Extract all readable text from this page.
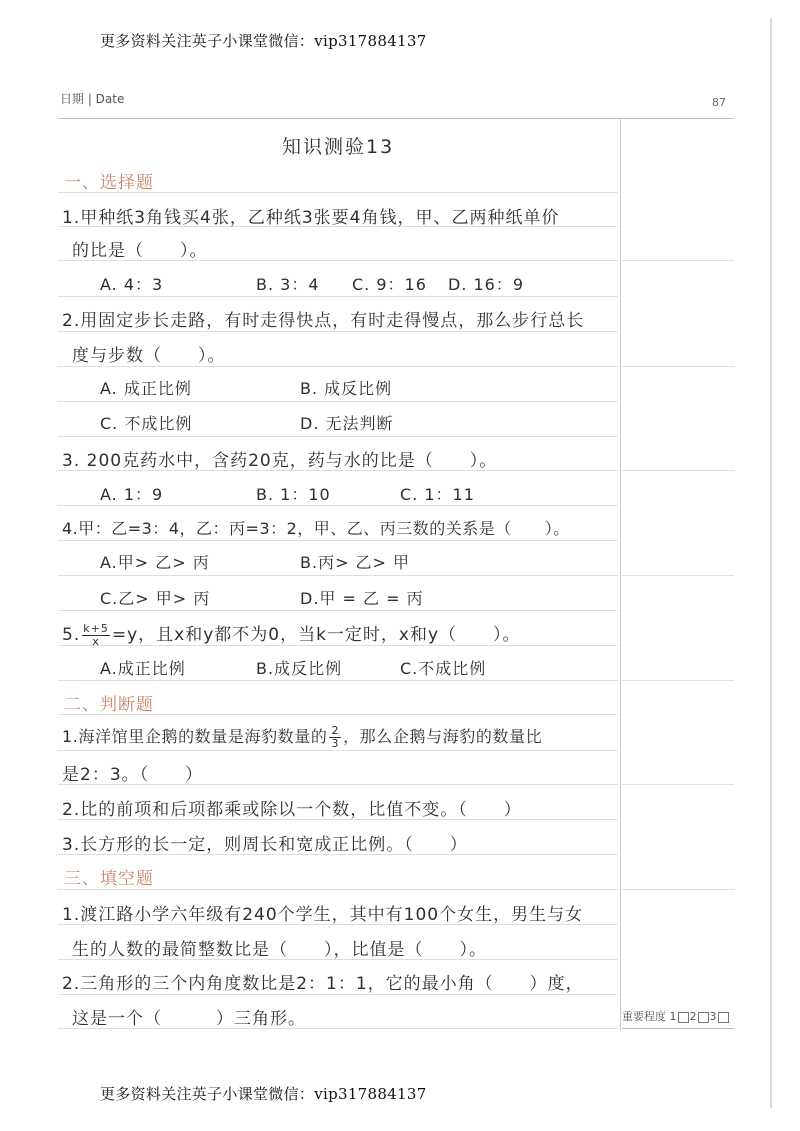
更多资料关注英子小课堂微信：vip317884137
更多资料关注英子小课堂微信：vip317884137
日期 | Date	87
重要程度 1 2 3
知识测验13
一、选择题
1.甲种纸3角钱买4张，乙种纸3张要4角钱，甲、乙两种纸单价
的比是（　　）。
A. 4：3	B. 3：4 C. 9：16 D. 16：9
2.用固定步长走路，有时走得快点，有时走得慢点，那么步行总长
度与步数（　　）。
A. 成正比例	B. 成反比例
C. 不成比例	D. 无法判断
3. 200克药水中，含药20克，药与水的比是（　　）。
A. 1：9	B. 1：10	C. 1：11
4.甲：乙=3：4，乙：丙=3：2，甲、乙、丙三数的关系是（　　）。
A.甲> 乙> 丙	B.丙> 乙> 甲
C.乙> 甲> 丙	D.甲 = 乙 = 丙
5. $\frac{k+5}{x} =y$，且x和y都不为0，当k一定时，x和y（　　）。
A.成正比例	B.成反比例	C.不成比例
二、判断题
1.海洋馆里企鹅的数量是海豹数量的 $\frac{2}{3}$ ，那么企鹅与海豹的数量比
是2：3。（　　）
2.比的前项和后项都乘或除以一个数，比值不变。（　　）
3.长方形的长一定，则周长和宽成正比例。（　　）
三、填空题
1.渡江路小学六年级有240个学生，其中有100个女生，男生与女
生的人数的最简整数比是（　　），比值是（　　）。
2.三角形的三个内角度数比是2：1：1，它的最小角（　　）度，
这是一个（　　　）三角形。
